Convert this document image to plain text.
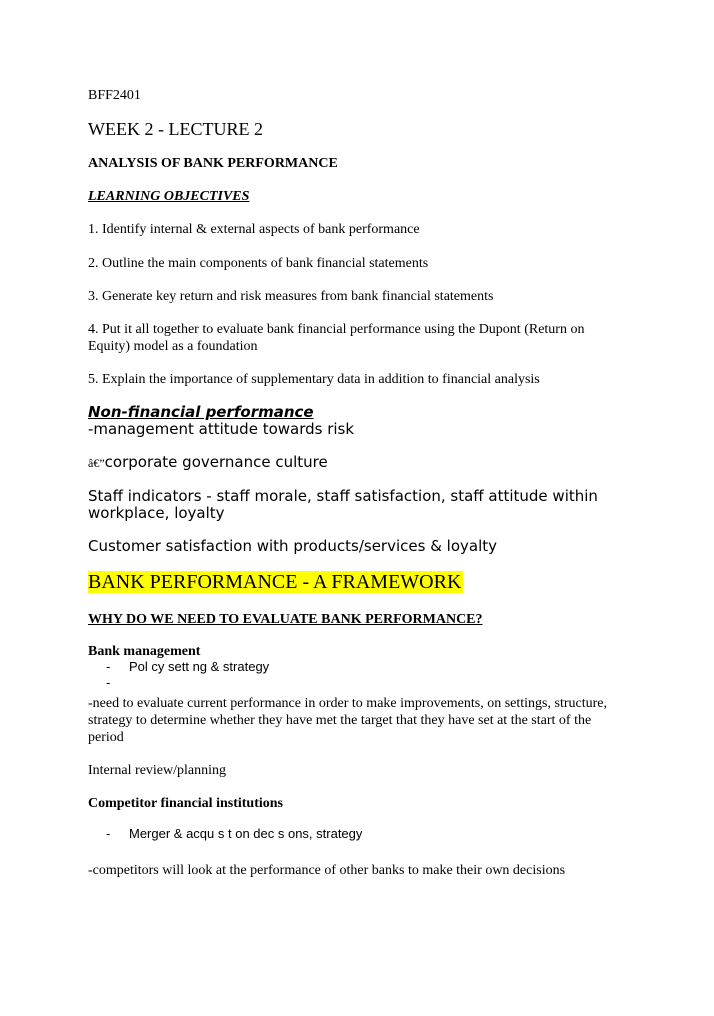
BFF2401
WEEK 2 - LECTURE 2
ANALYSIS OF BANK PERFORMANCE
LEARNING OBJECTIVES
1. Identify internal & external aspects of bank performance
2. Outline the main components of bank financial statements
3. Generate key return and risk measures from bank financial statements
4. Put it all together to evaluate bank financial performance using the Dupont (Return on Equity) model as a foundation
5. Explain the importance of supplementary data in addition to financial analysis
Non-financial performance
-management attitude towards risk
â€”corporate governance culture
Staff indicators - staff morale, staff satisfaction, staff attitude within workplace, loyalty
Customer satisfaction with products/services & loyalty
BANK PERFORMANCE - A FRAMEWORK
WHY DO WE NEED TO EVALUATE BANK PERFORMANCE?
Bank management
- Pol cy sett ng & strategy
-
-need to evaluate current performance in order to make improvements, on settings, structure, strategy to determine whether they have met the target that they have set at the start of the period
Internal review/planning
Competitor financial institutions
- Merger & acqu s t on dec s ons, strategy
-competitors will look at the performance of other banks to make their own decisions
